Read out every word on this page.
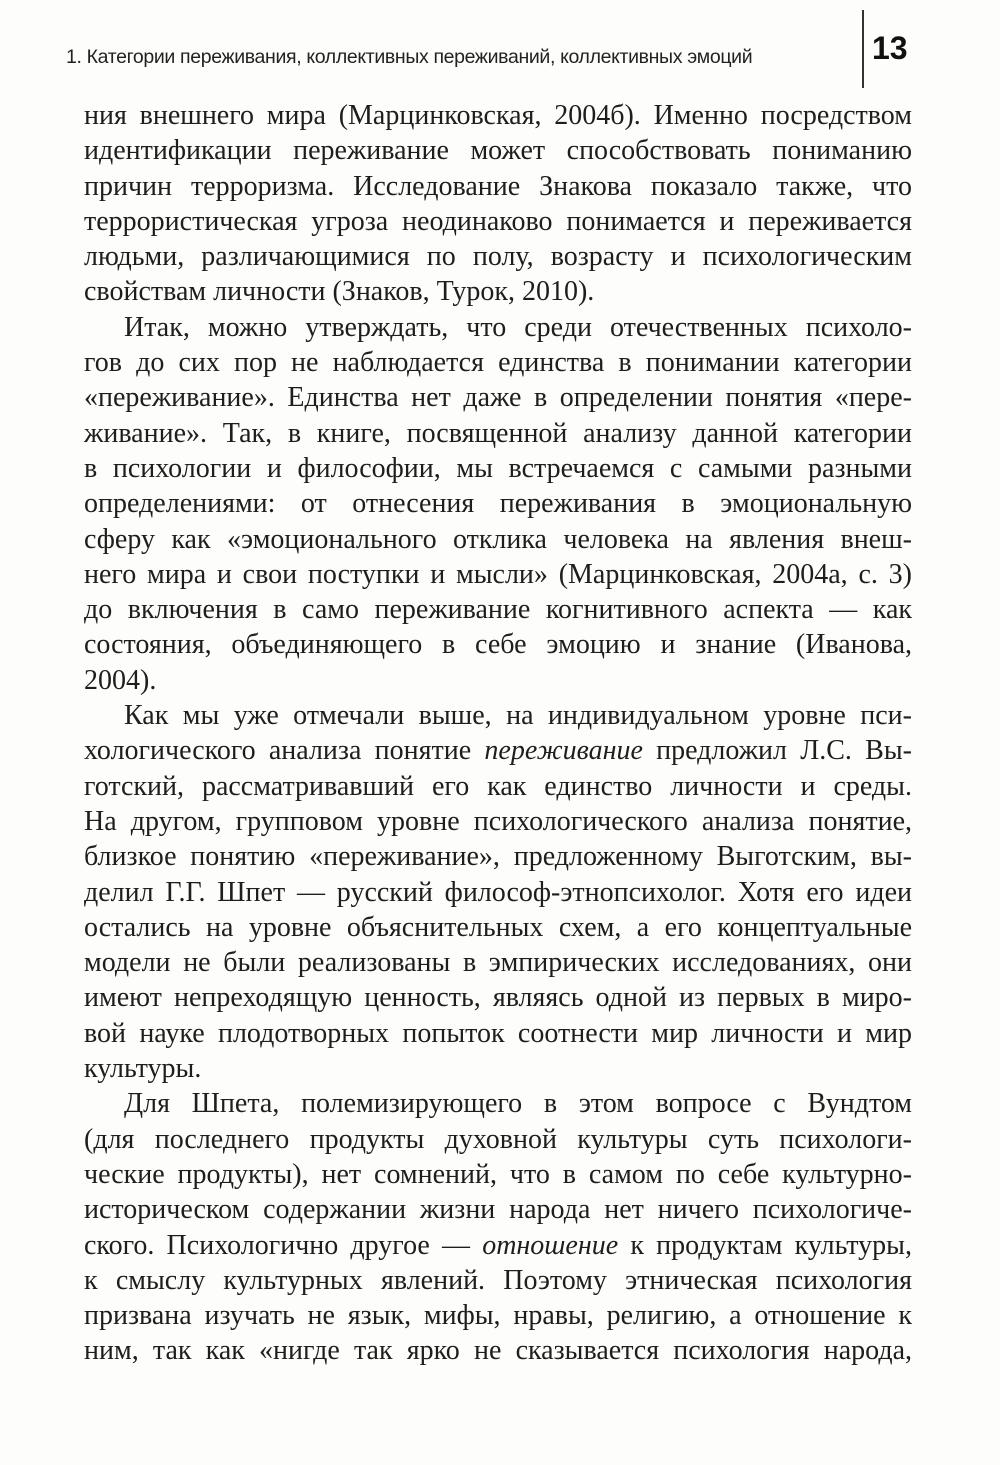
1. Категории переживания, коллективных переживаний, коллективных эмоций	13
ния внешнего мира (Марцинковская, 2004б). Именно посредством
идентификации переживание может способствовать пониманию
причин терроризма. Исследование Знакова показало также, что
террористическая угроза неодинаково понимается и переживается
людьми, различающимися по полу, возрасту и психологическим
свойствам личности (Знаков, Турок, 2010).
Итак, можно утверждать, что среди отечественных психоло-
гов до сих пор не наблюдается единства в понимании категории
«переживание». Единства нет даже в определении понятия «пере-
живание». Так, в книге, посвященной анализу данной категории
в психологии и философии, мы встречаемся с самыми разными
определениями: от отнесения переживания в эмоциональную
сферу как «эмоционального отклика человека на явления внеш-
него мира и свои поступки и мысли» (Марцинковская, 2004а, с. 3)
до включения в само переживание когнитивного аспекта — как
состояния, объединяющего в себе эмоцию и знание (Иванова,
2004).
Как мы уже отмечали выше, на индивидуальном уровне пси-
хологического анализа понятие переживание предложил Л.С. Вы-
готский, рассматривавший его как единство личности и среды.
На другом, групповом уровне психологического анализа понятие,
близкое понятию «переживание», предложенному Выготским, вы-
делил Г.Г. Шпет — русский философ-этнопсихолог. Хотя его идеи
остались на уровне объяснительных схем, а его концептуальные
модели не были реализованы в эмпирических исследованиях, они
имеют непреходящую ценность, являясь одной из первых в миро-
вой науке плодотворных попыток соотнести мир личности и мир
культуры.
Для Шпета, полемизирующего в этом вопросе с Вундтом
(для последнего продукты духовной культуры суть психологи-
ческие продукты), нет сомнений, что в самом по себе культурно-
историческом содержании жизни народа нет ничего психологиче-
ского. Психологично другое — отношение к продуктам культуры,
к смыслу культурных явлений. Поэтому этническая психология
призвана изучать не язык, мифы, нравы, религию, а отношение к
ним, так как «нигде так ярко не сказывается психология народа,
